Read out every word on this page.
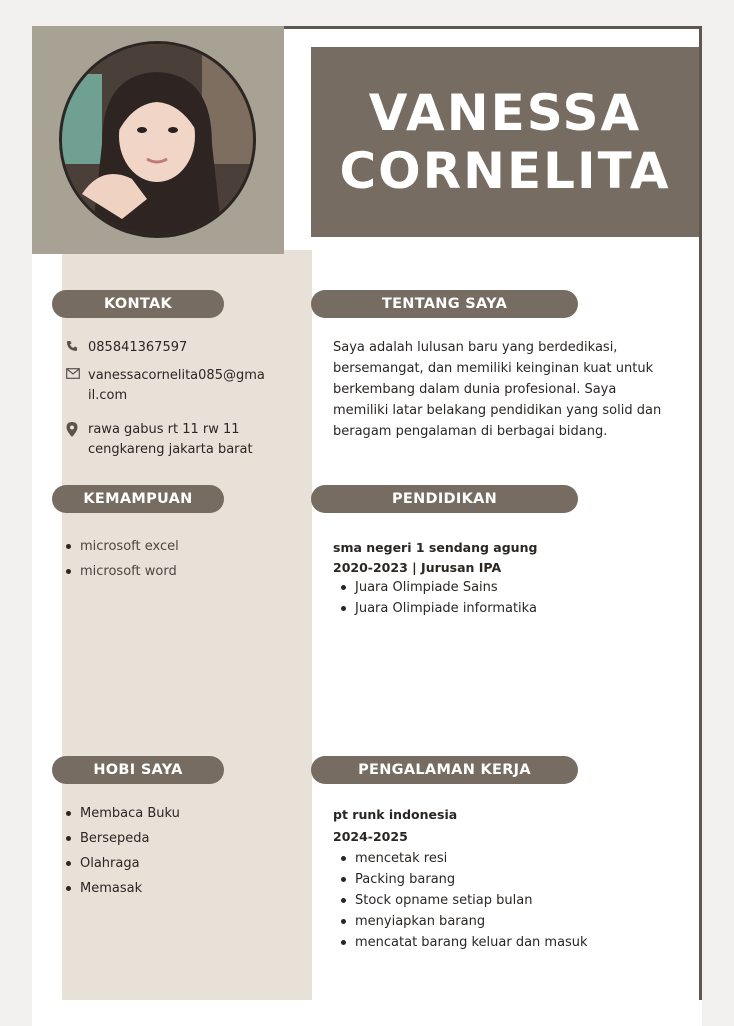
VANESSA
CORNELITA
KONTAK
085841367597
vanessacornelita085@gmail.com
rawa gabus rt 11 rw 11 cengkareng jakarta barat
KEMAMPUAN
microsoft excel
microsoft word
HOBI SAYA
Membaca Buku
Bersepeda
Olahraga
Memasak
TENTANG SAYA
Saya adalah lulusan baru yang berdedikasi, bersemangat, dan memiliki keinginan kuat untuk berkembang dalam dunia profesional. Saya memiliki latar belakang pendidikan yang solid dan beragam pengalaman di berbagai bidang.
PENDIDIKAN
sma negeri 1 sendang agung
2020-2023 | Jurusan IPA
Juara Olimpiade Sains
Juara Olimpiade informatika
PENGALAMAN KERJA
pt runk indonesia
2024-2025
mencetak resi
Packing barang
Stock opname setiap bulan
menyiapkan barang
mencatat barang keluar dan masuk
